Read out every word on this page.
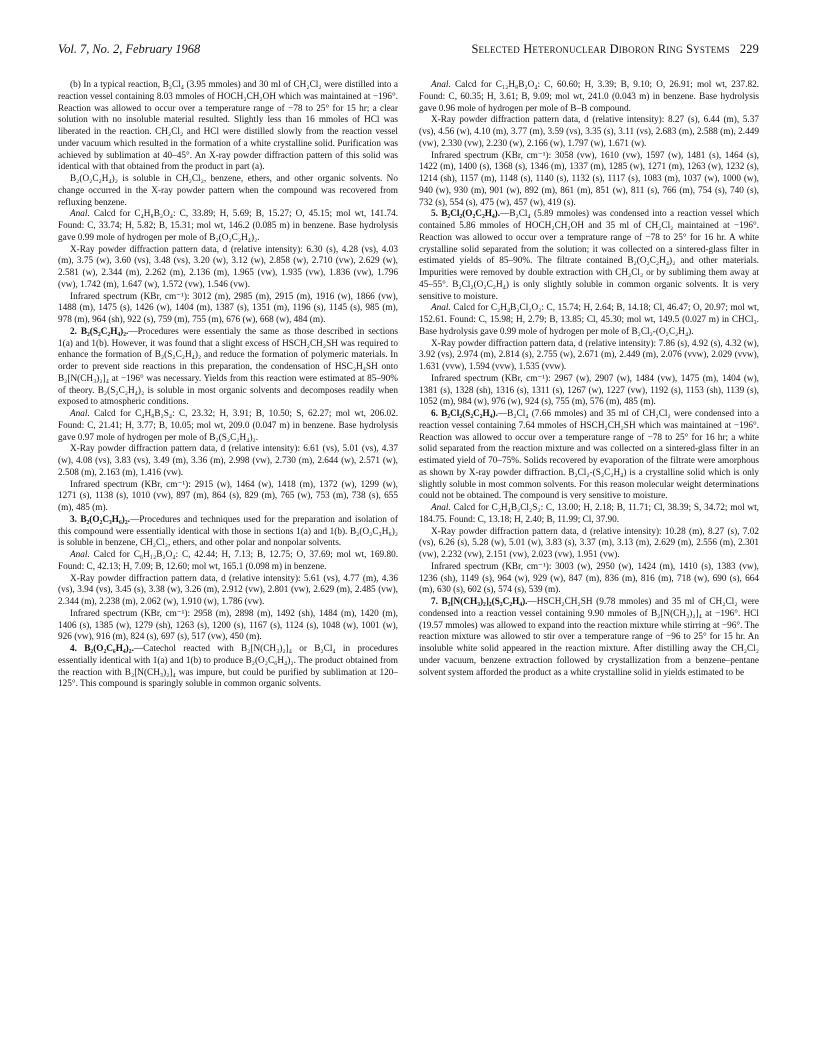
Vol. 7, No. 2, February 1968	Selected Heteronuclear Diboron Ring Systems 229

(b) In a typical reaction, B₂Cl₄ (3.95 mmoles) and 30 ml of CH₂Cl₂ were distilled into a reaction vessel containing 8.03 mmoles of HOCH₂CH₂OH which was maintained at −196°. Reaction was allowed to occur over a temperature range of −78 to 25° for 15 hr; a clear solution with no insoluble material resulted. Slightly less than 16 mmoles of HCl was liberated in the reaction. CH₂Cl₂ and HCl were distilled slowly from the reaction vessel under vacuum which resulted in the formation of a white crystalline solid. Purification was achieved by sublimation at 40–45°. An X-ray powder diffraction pattern of this solid was identical with that obtained from the product in part (a).

B₂(O₂C₂H₄)₂ is soluble in CH₂Cl₂, benzene, ethers, and other organic solvents. No change occurred in the X-ray powder pattern when the compound was recovered from refluxing benzene.

Anal. Calcd for C₄H₈B₂O₄: C, 33.89; H, 5.69; B, 15.27; O, 45.15; mol wt, 141.74. Found: C, 33.74; H, 5.82; B, 15.31; mol wt, 146.2 (0.085 m) in benzene. Base hydrolysis gave 0.99 mole of hydrogen per mole of B₂(O₂C₂H₄)₂.

X-Ray powder diffraction pattern data, d (relative intensity): 6.30 (s), 4.28 (vs), 4.03 (m), 3.75 (w), 3.60 (vs), 3.48 (vs), 3.20 (w), 3.12 (w), 2.858 (w), 2.710 (vw), 2.629 (w), 2.581 (w), 2.344 (m), 2.262 (m), 2.136 (m), 1.965 (vw), 1.935 (vw), 1.836 (vw), 1.796 (vw), 1.742 (m), 1.647 (w), 1.572 (vw), 1.546 (vw).

Infrared spectrum (KBr, cm⁻¹): 3012 (m), 2985 (m), 2915 (m), 1916 (w), 1866 (vw), 1488 (m), 1475 (s), 1426 (w), 1404 (m), 1387 (s), 1351 (m), 1196 (s), 1145 (s), 985 (m), 978 (m), 964 (sh), 922 (s), 759 (m), 755 (m), 676 (w), 668 (w), 484 (m).

2. B₂(S₂C₂H₄)₂.—Procedures were essentialy the same as those described in sections 1(a) and 1(b). However, it was found that a slight excess of HSCH₂CH₂SH was required to enhance the formation of B₂(S₂C₂H₄)₂ and reduce the formation of polymeric materials. In order to prevent side reactions in this preparation, the condensation of HSC₂H₄SH onto B₂[N(CH₃)₂]₄ at −196° was necessary. Yields from this reaction were estimated at 85–90% of theory. B₂(S₂C₂H₄)₂ is soluble in most organic solvents and decomposes readily when exposed to atmospheric conditions.

Anal. Calcd for C₄H₈B₂S₄: C, 23.32; H, 3.91; B, 10.50; S, 62.27; mol wt, 206.02. Found: C, 21.41; H, 3.77; B, 10.05; mol wt, 209.0 (0.047 m) in benzene. Base hydrolysis gave 0.97 mole of hydrogen per mole of B₂(S₂C₂H₄)₂.

X-Ray powder diffraction pattern data, d (relative intensity): 6.61 (vs), 5.01 (vs), 4.37 (w), 4.08 (vs), 3.83 (vs), 3.49 (m), 3.36 (m), 2.998 (vw), 2.730 (m), 2.644 (w), 2.571 (w), 2.508 (m), 2.163 (m), 1.416 (vw).

Infrared spectrum (KBr, cm⁻¹): 2915 (w), 1464 (w), 1418 (m), 1372 (w), 1299 (w), 1271 (s), 1138 (s), 1010 (vw), 897 (m), 864 (s), 829 (m), 765 (w), 753 (m), 738 (s), 655 (m), 485 (m).

3. B₂(O₂C₃H₆)₂.—Procedures and techniques used for the preparation and isolation of this compound were essentially identical with those in sections 1(a) and 1(b). B₂(O₂C₃H₆)₂ is soluble in benzene, CH₂Cl₂, ethers, and other polar and nonpolar solvents.

Anal. Calcd for C₆H₁₂B₂O₄: C, 42.44; H, 7.13; B, 12.75; O, 37.69; mol wt, 169.80. Found: C, 42.13; H, 7.09; B, 12.60; mol wt, 165.1 (0.098 m) in benzene.

X-Ray powder diffraction pattern data, d (relative intensity): 5.61 (vs), 4.77 (m), 4.36 (vs), 3.94 (vs), 3.45 (s), 3.38 (w), 3.26 (m), 2.912 (vw), 2.801 (vw), 2.629 (m), 2.485 (vw), 2.344 (m), 2.238 (m), 2.062 (w), 1.910 (w), 1.786 (vw).

Infrared spectrum (KBr, cm⁻¹): 2958 (m), 2898 (m), 1492 (sh), 1484 (m), 1420 (m), 1406 (s), 1385 (w), 1279 (sh), 1263 (s), 1200 (s), 1167 (s), 1124 (s), 1048 (w), 1001 (w), 926 (vw), 916 (m), 824 (s), 697 (s), 517 (vw), 450 (m).

4. B₂(O₂C₆H₄)₂.—Catechol reacted with B₂[N(CH₃)₂]₄ or B₂Cl₄ in procedures essentially identical with 1(a) and 1(b) to produce B₂(O₂C₆H₄)₂. The product obtained from the reaction with B₂[N(CH₃)₂]₄ was impure, but could be purified by sublimation at 120–125°. This compound is sparingly soluble in common organic solvents.

Anal. Calcd for C₁₂H₈B₂O₄: C, 60.60; H, 3.39; B, 9.10; O, 26.91; mol wt, 237.82. Found: C, 60.35; H, 3.61; B, 9.09; mol wt, 241.0 (0.043 m) in benzene. Base hydrolysis gave 0.96 mole of hydrogen per mole of B–B compound.

X-Ray powder diffraction pattern data, d (relative intensity): 8.27 (s), 6.44 (m), 5.37 (vs), 4.56 (w), 4.10 (m), 3.77 (m), 3.59 (vs), 3.35 (s), 3.11 (vs), 2.683 (m), 2.588 (m), 2.449 (vw), 2.330 (vw), 2.230 (w), 2.166 (w), 1.797 (w), 1.671 (w).

Infrared spectrum (KBr, cm⁻¹): 3058 (vw), 1610 (vw), 1597 (w), 1481 (s), 1464 (s), 1422 (m), 1400 (s), 1368 (s), 1346 (m), 1337 (m), 1285 (w), 1271 (m), 1263 (w), 1232 (s), 1214 (sh), 1157 (m), 1148 (s), 1140 (s), 1132 (s), 1117 (s), 1083 (m), 1037 (w), 1000 (w), 940 (w), 930 (m), 901 (w), 892 (m), 861 (m), 851 (w), 811 (s), 766 (m), 754 (s), 740 (s), 732 (s), 554 (s), 475 (w), 457 (w), 419 (s).

5. B₂Cl₂(O₂C₂H₄).—B₂Cl₄ (5.89 mmoles) was condensed into a reaction vessel which contained 5.86 mmoles of HOCH₂CH₂OH and 35 ml of CH₂Cl₂ maintained at −196°. Reaction was allowed to occur over a temprature range of −78 to 25° for 16 hr. A white crystalline solid separated from the solution; it was collected on a sintered-glass filter in estimated yields of 85–90%. The filtrate contained B₂(O₂C₂H₄)₂ and other materials. Impurities were removed by double extraction with CH₂Cl₂ or by subliming them away at 45–55°. B₂Cl₂(O₂C₂H₄) is only slightly soluble in common organic solvents. It is very sensitive to moisture.

Anal. Calcd for C₂H₄B₂Cl₂O₂: C, 15.74; H, 2.64; B, 14.18; Cl, 46.47; O, 20.97; mol wt, 152.61. Found: C, 15.98; H, 2.79; B, 13.85; Cl, 45.30; mol wt, 149.5 (0.027 m) in CHCl₃. Base hydrolysis gave 0.99 mole of hydrogen per mole of B₂Cl₂-(O₂C₂H₄).

X-Ray powder diffraction pattern data, d (relative intensity): 7.86 (s), 4.92 (s), 4.32 (w), 3.92 (vs), 2.974 (m), 2.814 (s), 2.755 (w), 2.671 (m), 2.449 (m), 2.076 (vvw), 2.029 (vvw), 1.631 (vvw), 1.594 (vvw), 1.535 (vvw).

Infrared spectrum (KBr, cm⁻¹): 2967 (w), 2907 (w), 1484 (vw), 1475 (m), 1404 (w), 1381 (s), 1328 (sh), 1316 (s), 1311 (s), 1267 (w), 1227 (vw), 1192 (s), 1153 (sh), 1139 (s), 1052 (m), 984 (w), 976 (w), 924 (s), 755 (m), 576 (m), 485 (m).

6. B₂Cl₂(S₂C₂H₄).—B₂Cl₄ (7.66 mmoles) and 35 ml of CH₂Cl₂ were condensed into a reaction vessel containing 7.64 mmoles of HSCH₂CH₂SH which was maintained at −196°. Reaction was allowed to occur over a temperature range of −78 to 25° for 16 hr; a white solid separated from the reaction mixture and was collected on a sintered-glass filter in an estimated yield of 70–75%. Solids recovered by evaporation of the filtrate were amorphous as shown by X-ray powder diffraction. B₂Cl₂-(S₂C₂H₄) is a crystalline solid which is only slightly soluble in most common solvents. For this reason molecular weight determinations could not be obtained. The compound is very sensitive to moisture.

Anal. Calcd for C₂H₄B₂Cl₂S₂: C, 13.00; H, 2.18; B, 11.71; Cl, 38.39; S, 34.72; mol wt, 184.75. Found: C, 13.18; H, 2.40; B, 11.99; Cl, 37.90.

X-Ray powder diffraction pattern data, d (relative intensity): 10.28 (m), 8.27 (s), 7.02 (vs), 6.26 (s), 5.28 (w), 5.01 (w), 3.83 (s), 3.37 (m), 3.13 (m), 2.629 (m), 2.556 (m), 2.301 (vw), 2.232 (vw), 2.151 (vw), 2.023 (vw), 1.951 (vw).

Infrared spectrum (KBr, cm⁻¹): 3003 (w), 2950 (w), 1424 (m), 1410 (s), 1383 (vw), 1236 (sh), 1149 (s), 964 (w), 929 (w), 847 (m), 836 (m), 816 (m), 718 (w), 690 (s), 664 (m), 630 (s), 602 (s), 574 (s), 539 (m).

7. B₂[N(CH₃)₂]₂(S₂C₂H₄).—HSCH₂CH₂SH (9.78 mmoles) and 35 ml of CH₂Cl₂ were condensed into a reaction vessel containing 9.90 mmoles of B₂[N(CH₃)₂]₄ at −196°. HCl (19.57 mmoles) was allowed to expand into the reaction mixture while stirring at −96°. The reaction mixture was allowed to stir over a temperature range of −96 to 25° for 15 hr. An insoluble white solid appeared in the reaction mixture. After distilling away the CH₂Cl₂ under vacuum, benzene extraction followed by crystallization from a benzene–pentane solvent system afforded the product as a white crystalline solid in yields estimated to be
